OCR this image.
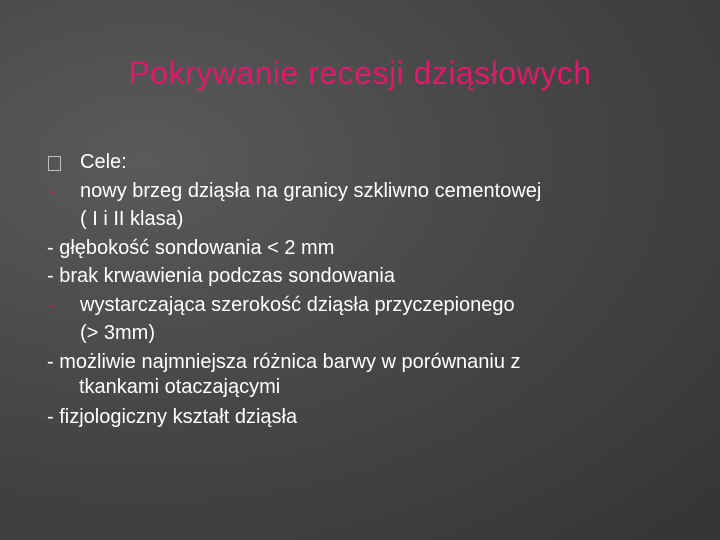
Pokrywanie recesji dziąsłowych
Cele:
- nowy brzeg dziąsła na granicy szkliwno cementowej
( I i II klasa)
- głębokość sondowania < 2 mm
- brak krwawienia podczas sondowania
- wystarczająca szerokość dziąsła przyczepionego
(> 3mm)
- możliwie najmniejsza różnica barwy w porównaniu z
tkankami otaczającymi
- fizjologiczny kształt dziąsła
